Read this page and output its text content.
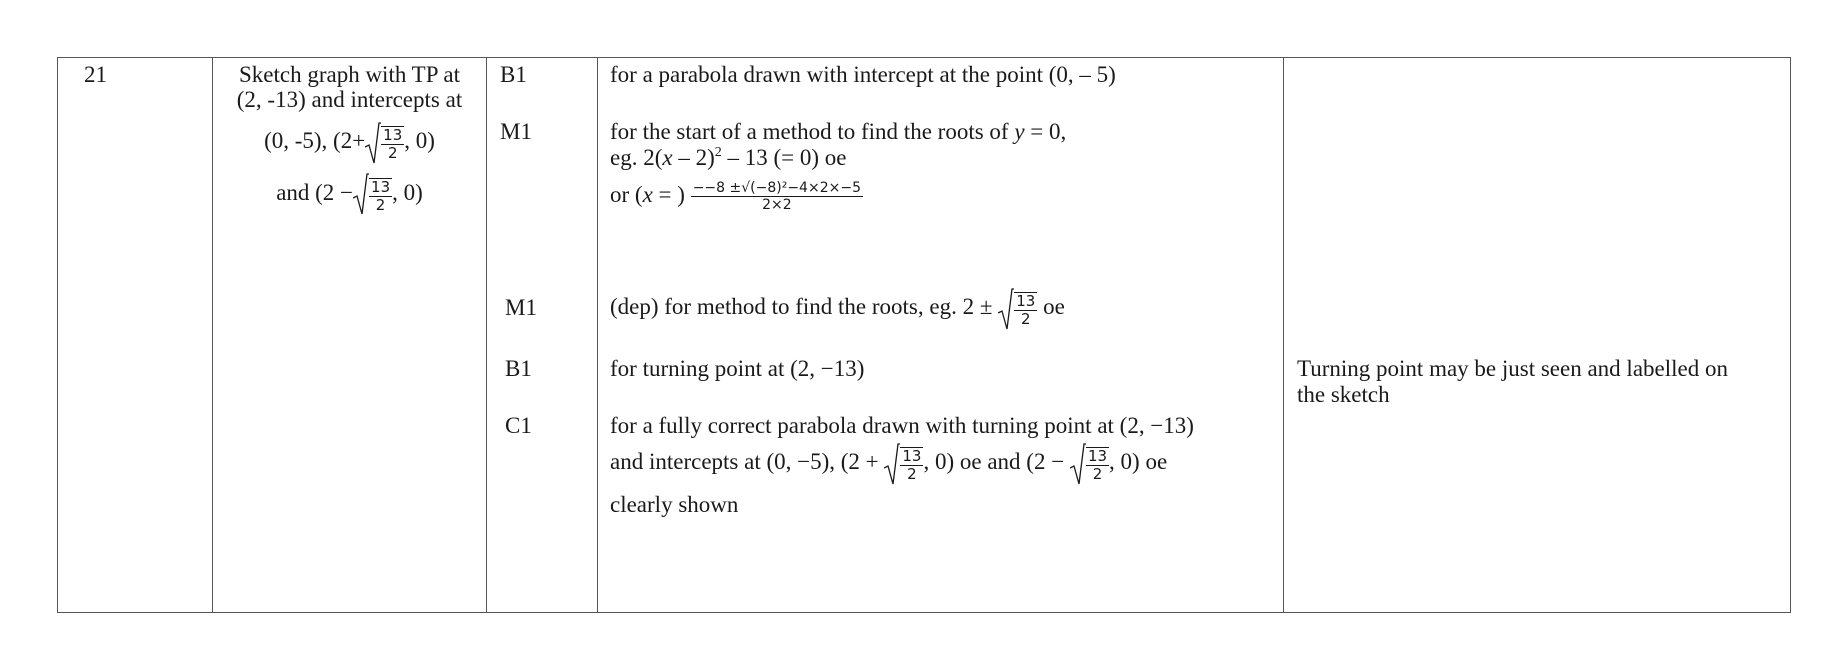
21	Sketch graph with TP at
(2, -13) and intercepts at
(0, -5), ($2+ \frac{13}{2}$ , 0)
and ($2 - \frac{13}{2}$ , 0)
B1
M1
M1
B1
C1
for a parabola drawn with intercept at the point (0, – 5)
for the start of a method to find the roots of y = 0,
eg. 2(x – 2)$^2$ – 13 (= 0) oe
or (x = ) $\frac{\text{−−8 ±√(−8)²−4×2×−5}}{2\times 2}$
(dep) for method to find the roots, eg. $2 \pm \frac{13}{2}$ oe
for turning point at (2, −13)
for a fully correct parabola drawn with turning point at (2, −13)
and intercepts at (0, −5), ($2 + \frac{13}{2}$ , 0) oe and ($2 - \frac{13}{2}$ , 0) oe
clearly shown
Turning point may be just seen and labelled on
the sketch
